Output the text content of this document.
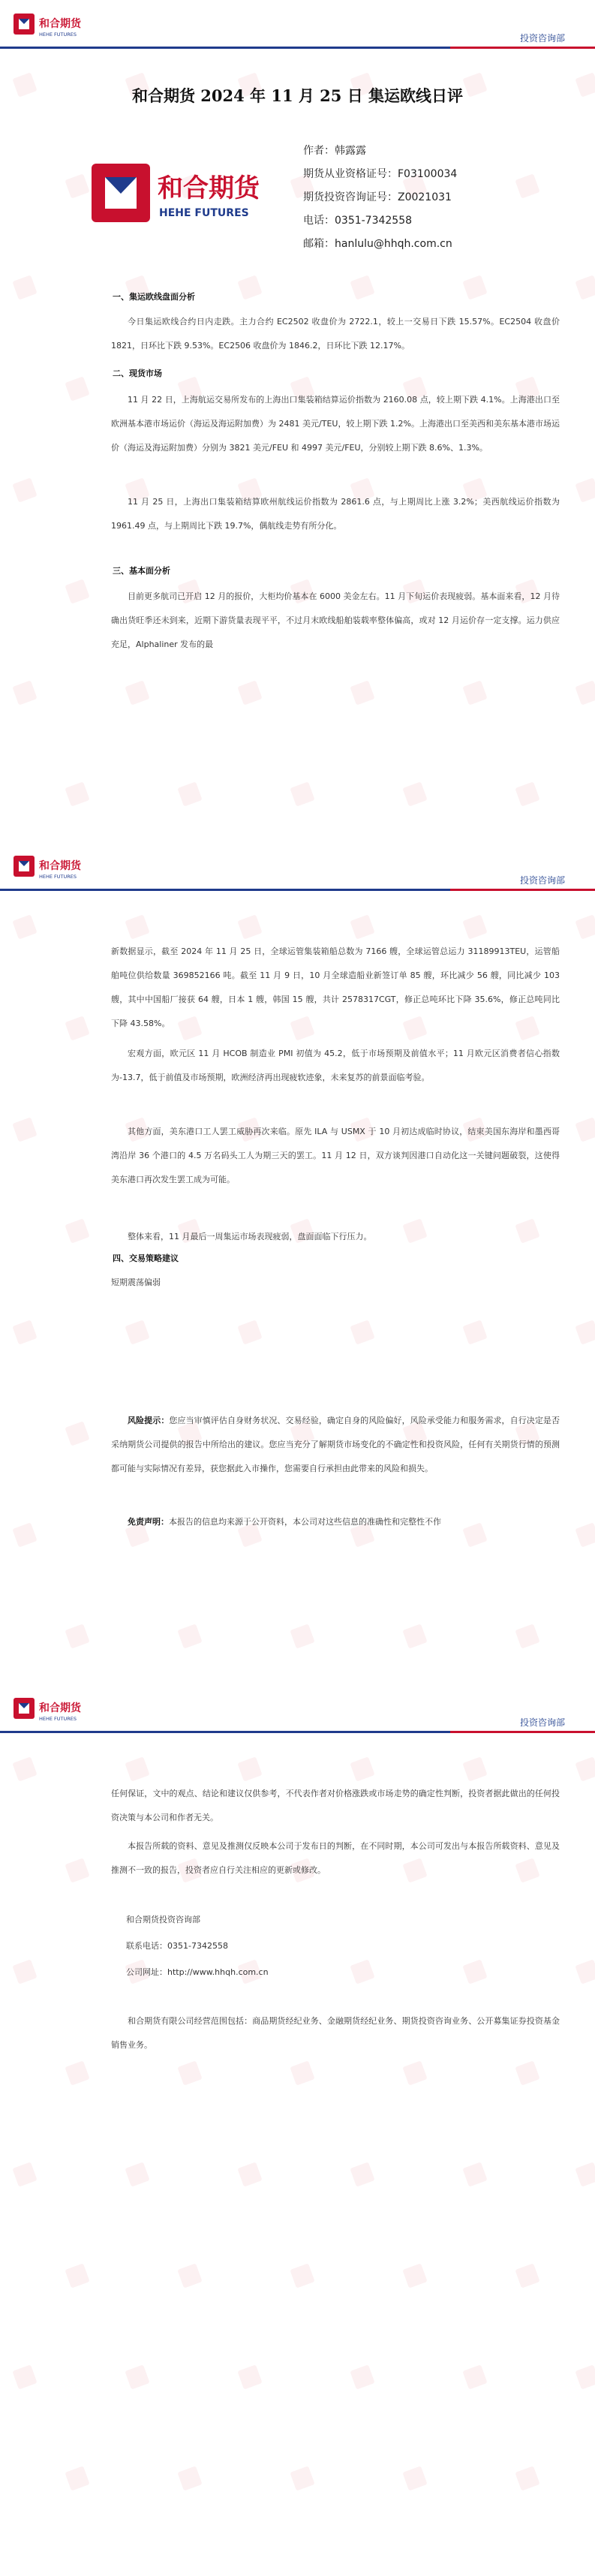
和合期货
HEHE FUTURES	投资咨询部
和合期货 2024 年 11 月 25 日 集运欧线日评
和合期货
HEHE FUTURES
作者：韩露露
期货从业资格证号：F03100034
期货投资咨询证号：Z0021031
电话：0351-7342558
邮箱：hanlulu@hhqh.com.cn
一、集运欧线盘面分析
今日集运欧线合约日内走跌。主力合约 EC2502 收盘价为 2722.1，较上一交易日下跌 15.57%。EC2504 收盘价 1821，日环比下跌 9.53%。EC2506 收盘价为 1846.2，日环比下跌 12.17%。
二、现货市场
11 月 22 日，上海航运交易所发布的上海出口集装箱结算运价指数为 2160.08 点，较上期下跌 4.1%。上海港出口至欧洲基本港市场运价（海运及海运附加费）为 2481 美元/TEU，较上期下跌 1.2%。上海港出口至美西和美东基本港市场运价（海运及海运附加费）分别为 3821 美元/FEU 和 4997 美元/FEU，分别较上期下跌 8.6%、1.3%。
11 月 25 日，上海出口集装箱结算欧州航线运价指数为 2861.6 点，与上期周比上涨 3.2%；美西航线运价指数为 1961.49 点，与上期周比下跌 19.7%，偶航线走势有所分化。
三、基本面分析
目前更多航司已开启 12 月的报价，大柜均价基本在 6000 美金左右。11 月下旬运价表现疲弱。基本面来看，12 月待确出货旺季还未到来，近期下游货量表现平平，不过月末欧线船舶装载率整体偏高，或对 12 月运价存一定支撑。运力供应充足，Alphaliner 发布的最
和合期货
HEHE FUTURES	投资咨询部
新数据显示，截至 2024 年 11 月 25 日，全球运管集装箱船总数为 7166 艘，全球运管总运力 31189913TEU，运管船舶吨位供给数量 369852166 吨。截至 11 月 9 日，10 月全球造船业新签订单 85 艘，环比减少 56 艘，同比减少 103 艘，其中中国船厂接获 64 艘，日本 1 艘，韩国 15 艘，共计 2578317CGT，修正总吨环比下降 35.6%，修正总吨同比下降 43.58%。
宏观方面，欧元区 11 月 HCOB 制造业 PMI 初值为 45.2，低于市场预期及前值水平；11 月欧元区消费者信心指数为-13.7，低于前值及市场预期，欧洲经济再出现疲软迹象，未来复苏的前景面临考验。
其他方面，美东港口工人罢工威胁再次来临。原先 ILA 与 USMX 于 10 月初达成临时协议，结束美国东海岸和墨西哥湾沿岸 36 个港口的 4.5 万名码头工人为期三天的罢工。11 月 12 日，双方谈判因港口自动化这一关键问题破裂，这使得美东港口再次发生罢工成为可能。
整体来看，11 月最后一周集运市场表现疲弱，盘面面临下行压力。
四、交易策略建议
短期震荡偏弱
风险提示：您应当审慎评估自身财务状况、交易经验，确定自身的风险偏好，风险承受能力和服务需求，自行决定是否采纳期货公司提供的报告中所给出的建议。您应当充分了解期货市场变化的不确定性和投资风险，任何有关期货行情的预测都可能与实际情况有差异，获您据此入市操作，您需要自行承担由此带来的风险和损失。
免责声明：本报告的信息均来源于公开资料，本公司对这些信息的准确性和完整性不作
和合期货
HEHE FUTURES	投资咨询部
任何保证，文中的观点、结论和建议仅供参考，不代表作者对价格涨跌或市场走势的确定性判断，投资者据此做出的任何投资决策与本公司和作者无关。
本报告所载的资料、意见及推测仅反映本公司于发布日的判断，在不同时期，本公司可发出与本报告所载资料、意见及推测不一致的报告，投资者应自行关注相应的更新或修改。
和合期货投资咨询部
联系电话：0351-7342558
公司网址：http://www.hhqh.com.cn
和合期货有限公司经营范围包括：商品期货经纪业务、金融期货经纪业务、期货投资咨询业务、公开募集证券投资基金销售业务。
